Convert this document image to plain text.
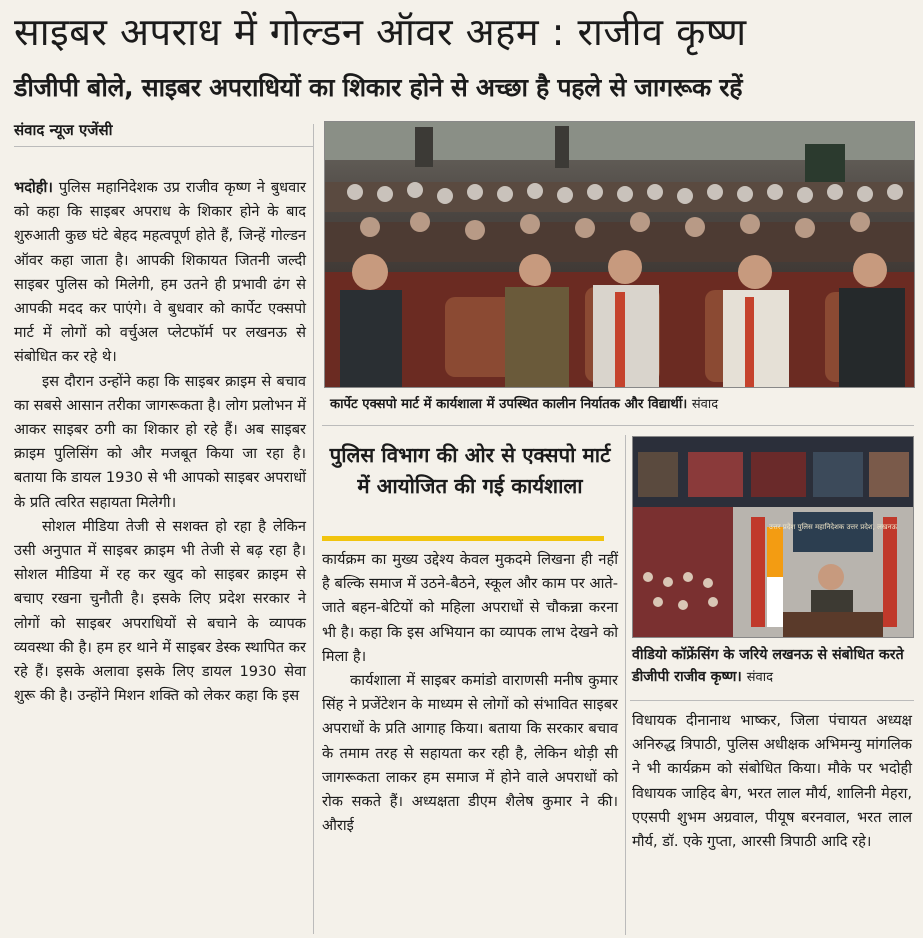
साइबर अपराध में गोल्डन ऑवर अहम : राजीव कृष्ण
डीजीपी बोले, साइबर अपराधियों का शिकार होने से अच्छा है पहले से जागरूक रहें
संवाद न्यूज एजेंसी

भदोही। पुलिस महानिदेशक उप्र राजीव कृष्ण ने बुधवार को कहा कि साइबर अपराध के शिकार होने के बाद शुरुआती कुछ घंटे बेहद महत्वपूर्ण होते हैं, जिन्हें गोल्डन ऑवर कहा जाता है। आपकी शिकायत जितनी जल्दी साइबर पुलिस को मिलेगी, हम उतने ही प्रभावी ढंग से आपकी मदद कर पाएंगे। वे बुधवार को कार्पेट एक्सपो मार्ट में लोगों को वर्चुअल प्लेटफॉर्म पर लखनऊ से संबोधित कर रहे थे।

इस दौरान उन्होंने कहा कि साइबर क्राइम से बचाव का सबसे आसान तरीका जागरूकता है। लोग प्रलोभन में आकर साइबर ठगी का शिकार हो रहे हैं। अब साइबर क्राइम पुलिसिंग को और मजबूत किया जा रहा है। बताया कि डायल 1930 से भी आपको साइबर अपराधों के प्रति त्वरित सहायता मिलेगी।

सोशल मीडिया तेजी से सशक्त हो रहा है लेकिन उसी अनुपात में साइबर क्राइम भी तेजी से बढ़ रहा है। सोशल मीडिया में रह कर खुद को साइबर क्राइम से बचाए रखना चुनौती है। इसके लिए प्रदेश सरकार ने लोगों को साइबर अपराधियों से बचाने के व्यापक व्यवस्था की है। हम हर थाने में साइबर डेस्क स्थापित कर रहे हैं। इसके अलावा इसके लिए डायल 1930 सेवा शुरू की है। उन्होंने मिशन शक्ति को लेकर कहा कि इस

कार्पेट एक्सपो मार्ट में कार्यशाला में उपस्थित कालीन निर्यातक और विद्यार्थी। संवाद
पुलिस विभाग की ओर से एक्सपो मार्ट में आयोजित की गई कार्यशाला

कार्यक्रम का मुख्य उद्देश्य केवल मुकदमे लिखना ही नहीं है बल्कि समाज में उठने-बैठने, स्कूल और काम पर आते-जाते बहन-बेटियों को महिला अपराधों से चौकन्ना करना भी है। कहा कि इस अभियान का व्यापक लाभ देखने को मिला है।

कार्यशाला में साइबर कमांडो वाराणसी मनीष कुमार सिंह ने प्रजेंटेशन के माध्यम से लोगों को संभावित साइबर अपराधों के प्रति आगाह किया। बताया कि सरकार बचाव के तमाम तरह से सहायता कर रही है, लेकिन थोड़ी सी जागरूकता लाकर हम समाज में होने वाले अपराधों को रोक सकते हैं। अध्यक्षता डीएम शैलेष कुमार ने की। औराई

उत्तर प्रदेश पुलिस महानिदेशक उत्तर प्रदेश, लखनऊ
वीडियो कॉफ्रेंसिंग के जरिये लखनऊ से संबोधित करते डीजीपी राजीव कृष्ण। संवाद

विधायक दीनानाथ भाष्कर, जिला पंचायत अध्यक्ष अनिरुद्ध त्रिपाठी, पुलिस अधीक्षक अभिमन्यु मांगलिक ने भी कार्यक्रम को संबोधित किया। मौके पर भदोही विधायक जाहिद बेग, भरत लाल मौर्य, शालिनी मेहरा, एएसपी शुभम अग्रवाल, पीयूष बरनवाल, भरत लाल मौर्य, डॉ. एके गुप्ता, आरसी त्रिपाठी आदि रहे।
